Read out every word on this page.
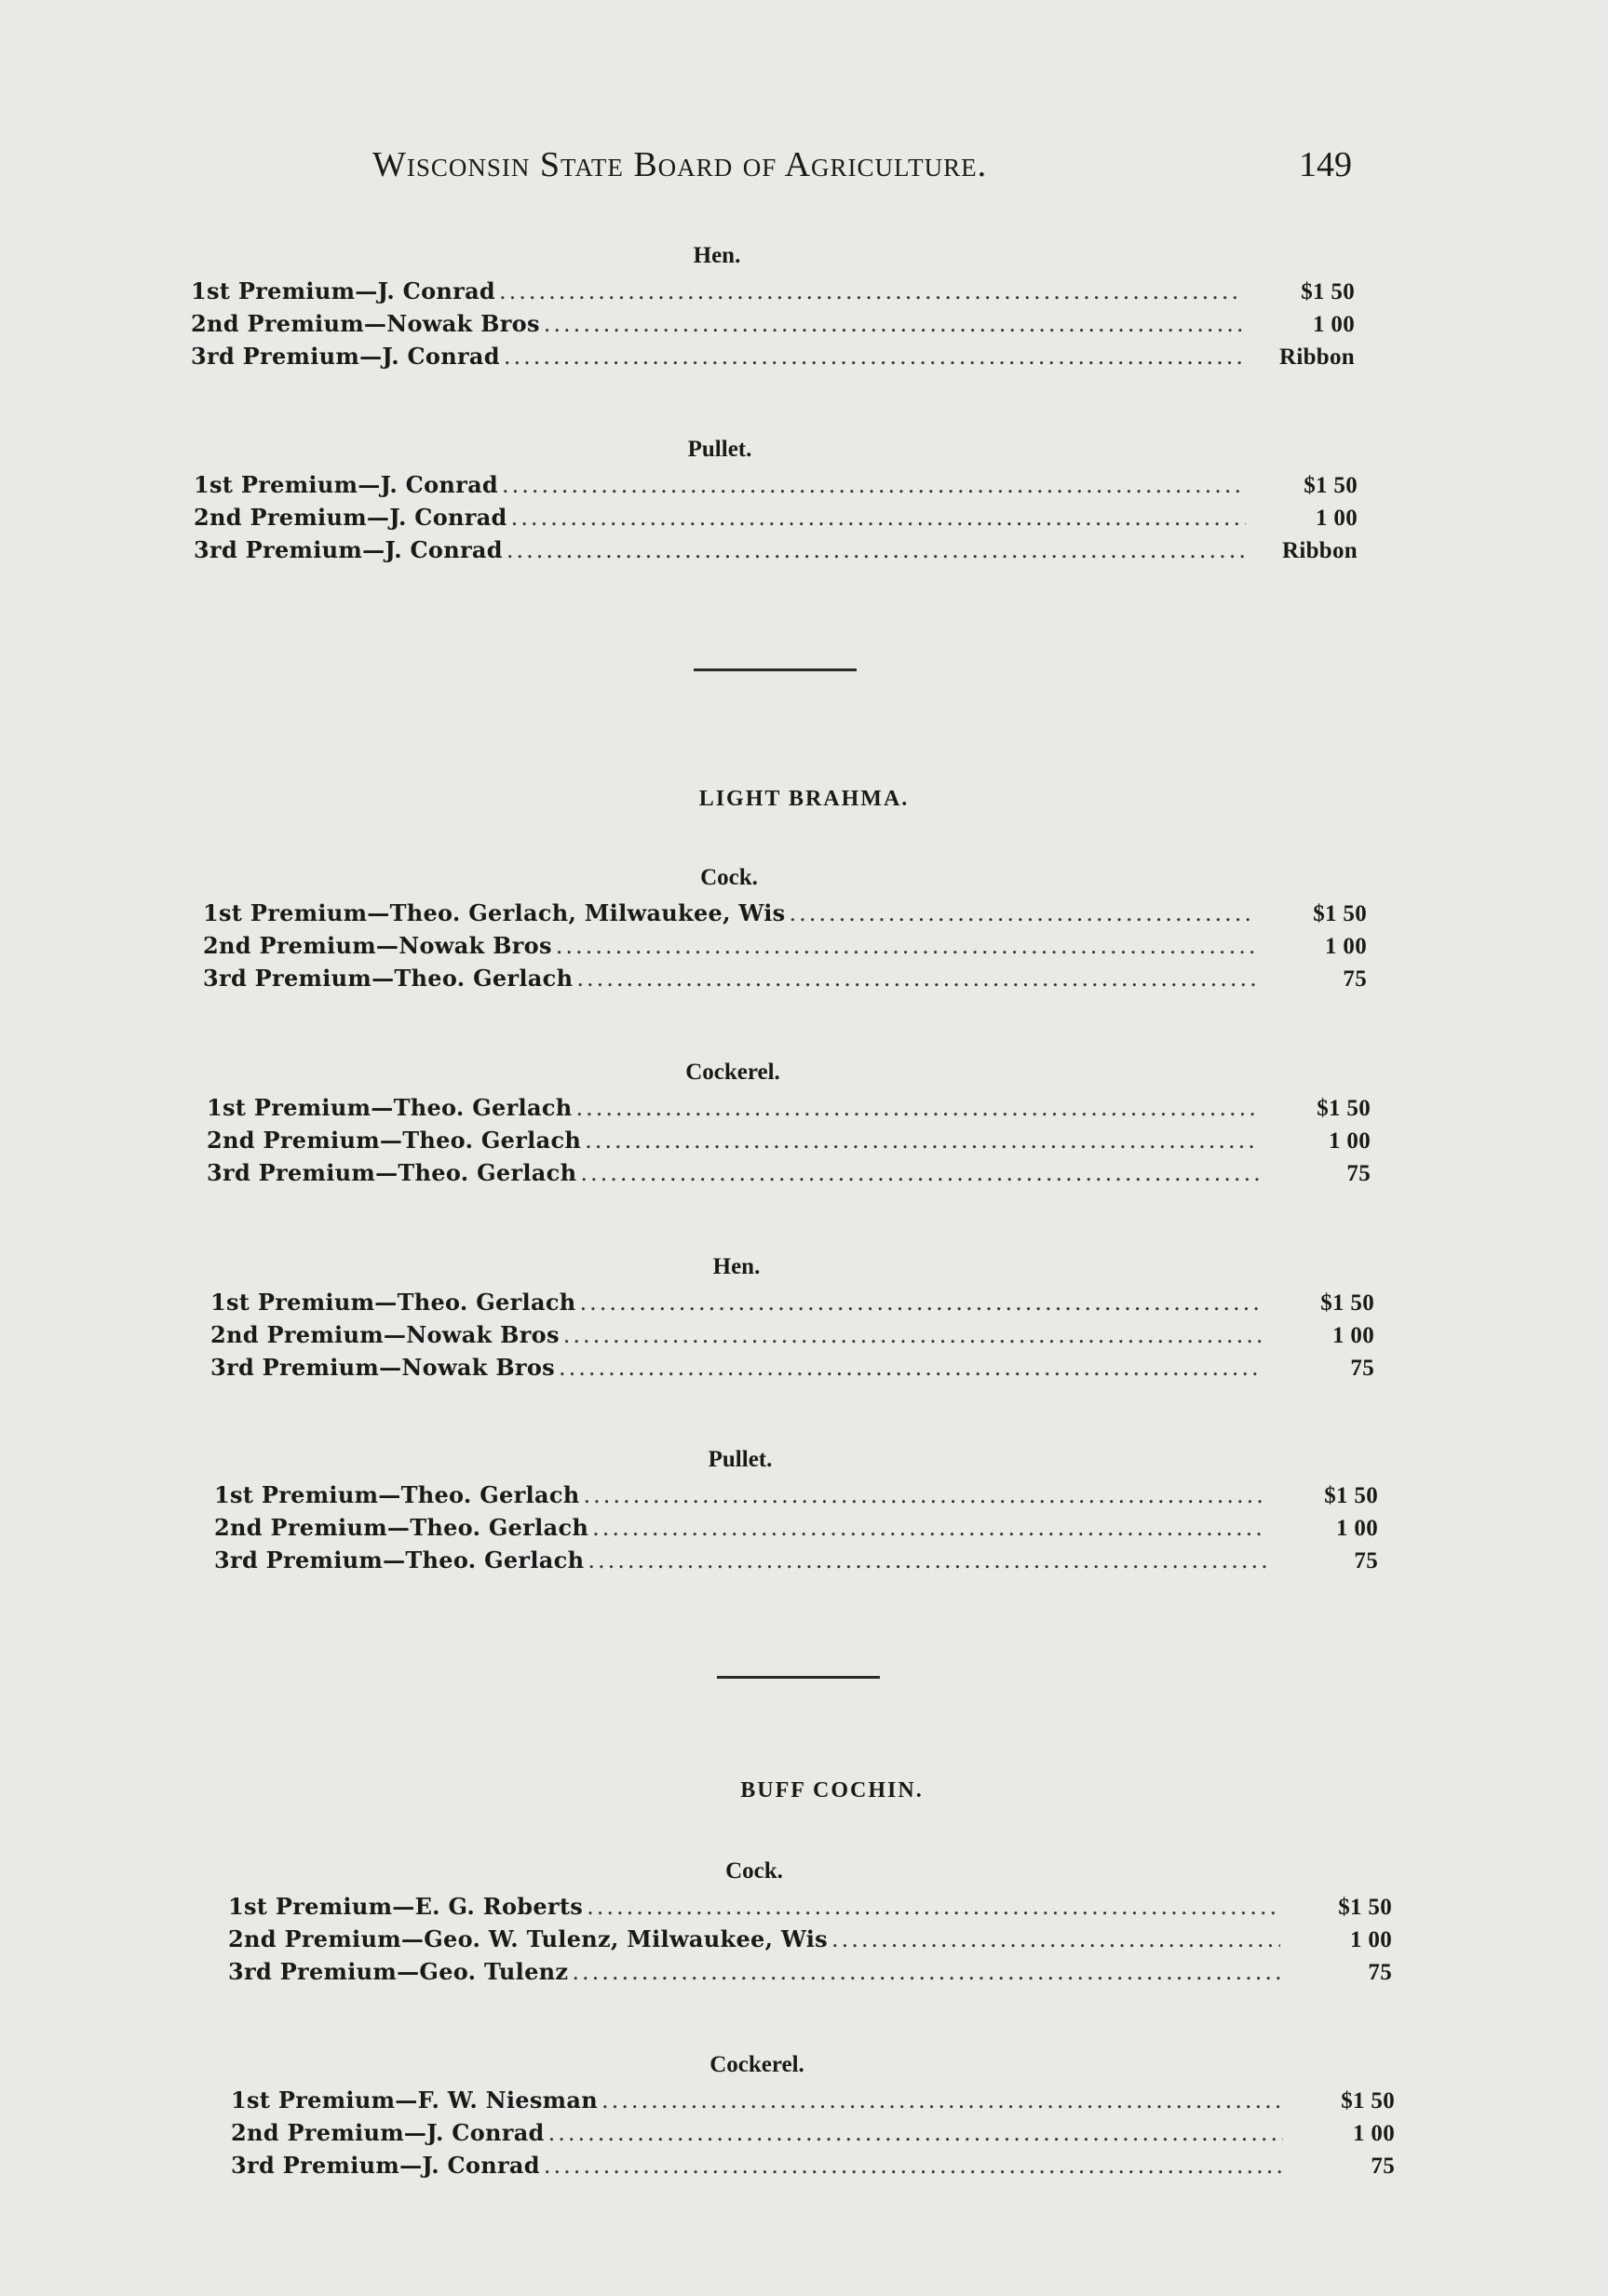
Wisconsin State Board of Agriculture.	149
Hen.
1st Premium—J. Conrad .....	$1 50
2nd Premium—Nowak Bros .....	1 00
3rd Premium—J. Conrad .....	Ribbon
Pullet.
1st Premium—J. Conrad .....	$1 50
2nd Premium—J. Conrad .....	1 00
3rd Premium—J. Conrad .....	Ribbon
LIGHT BRAHMA.
Cock.
1st Premium—Theo. Gerlach, Milwaukee, Wis .....	$1 50
2nd Premium—Nowak Bros .....	1 00
3rd Premium—Theo. Gerlach .....	75
Cockerel.
1st Premium—Theo. Gerlach .....	$1 50
2nd Premium—Theo. Gerlach .....	1 00
3rd Premium—Theo. Gerlach .....	75
Hen.
1st Premium—Theo. Gerlach .....	$1 50
2nd Premium—Nowak Bros .....	1 00
3rd Premium—Nowak Bros .....	75
Pullet.
1st Premium—Theo. Gerlach .....	$1 50
2nd Premium—Theo. Gerlach .....	1 00
3rd Premium—Theo. Gerlach .....	75
BUFF COCHIN.
Cock.
1st Premium—E. G. Roberts .....	$1 50
2nd Premium—Geo. W. Tulenz, Milwaukee, Wis .....	1 00
3rd Premium—Geo. Tulenz .....	75
Cockerel.
1st Premium—F. W. Niesman .....	$1 50
2nd Premium—J. Conrad .....	1 00
3rd Premium—J. Conrad .....	75
